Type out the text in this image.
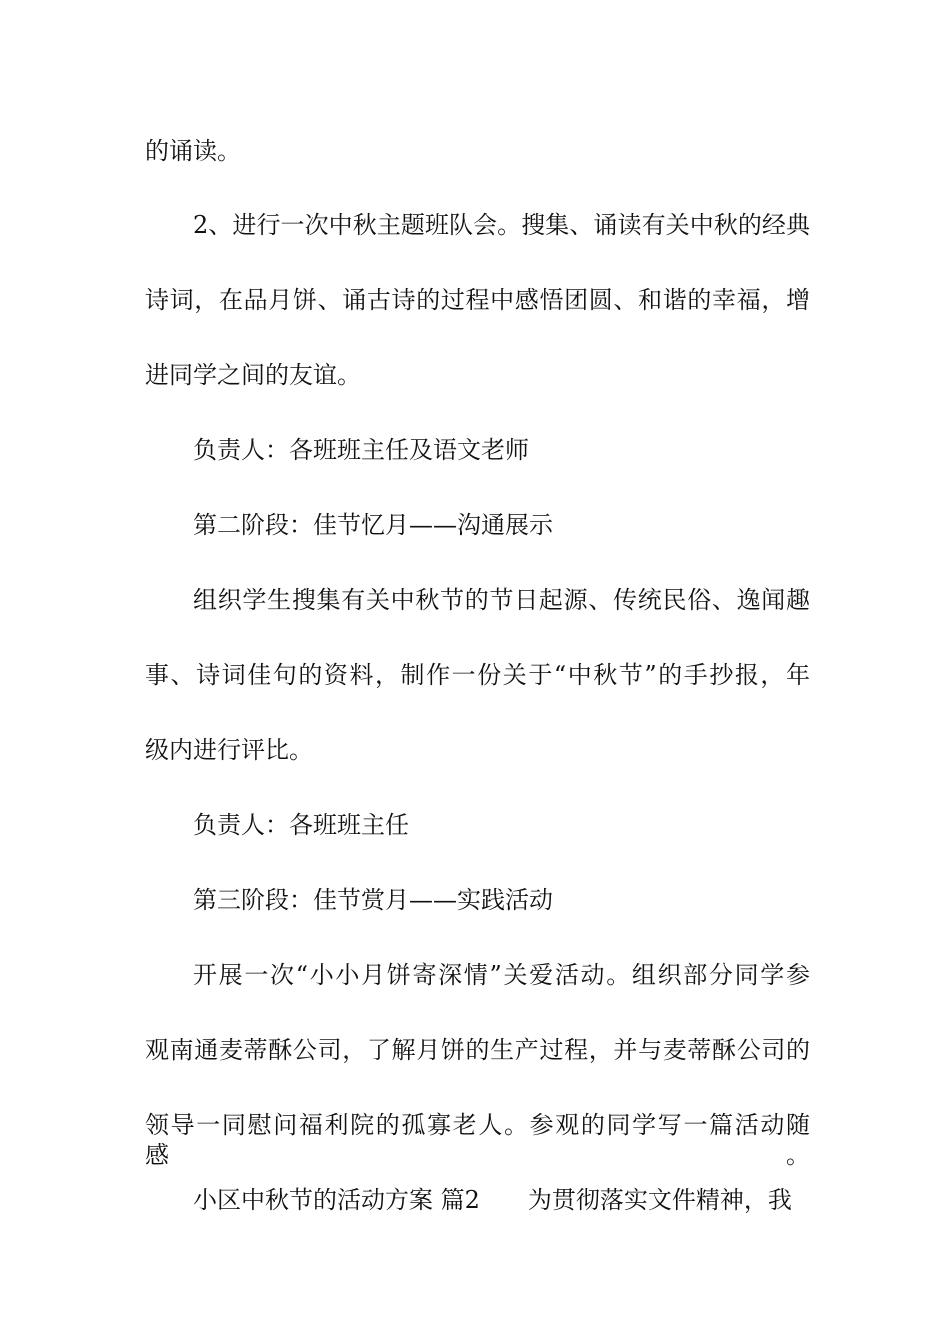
的诵读。
2、进行一次中秋主题班队会。搜集、诵读有关中秋的经典
诗词，在品月饼、诵古诗的过程中感悟团圆、和谐的幸福，增
进同学之间的友谊。
负责人：各班班主任及语文老师
第二阶段：佳节忆月——沟通展示
组织学生搜集有关中秋节的节日起源、传统民俗、逸闻趣
事、诗词佳句的资料，制作一份关于“中秋节”的手抄报，年
级内进行评比。
负责人：各班班主任
第三阶段：佳节赏月——实践活动
开展一次“小小月饼寄深情”关爱活动。组织部分同学参
观南通麦蒂酥公司，了解月饼的生产过程，并与麦蒂酥公司的
领导一同慰问福利院的孤寡老人。参观的同学写一篇活动随感。
小区中秋节的活动方案 篇2 为贯彻落实文件精神，我
